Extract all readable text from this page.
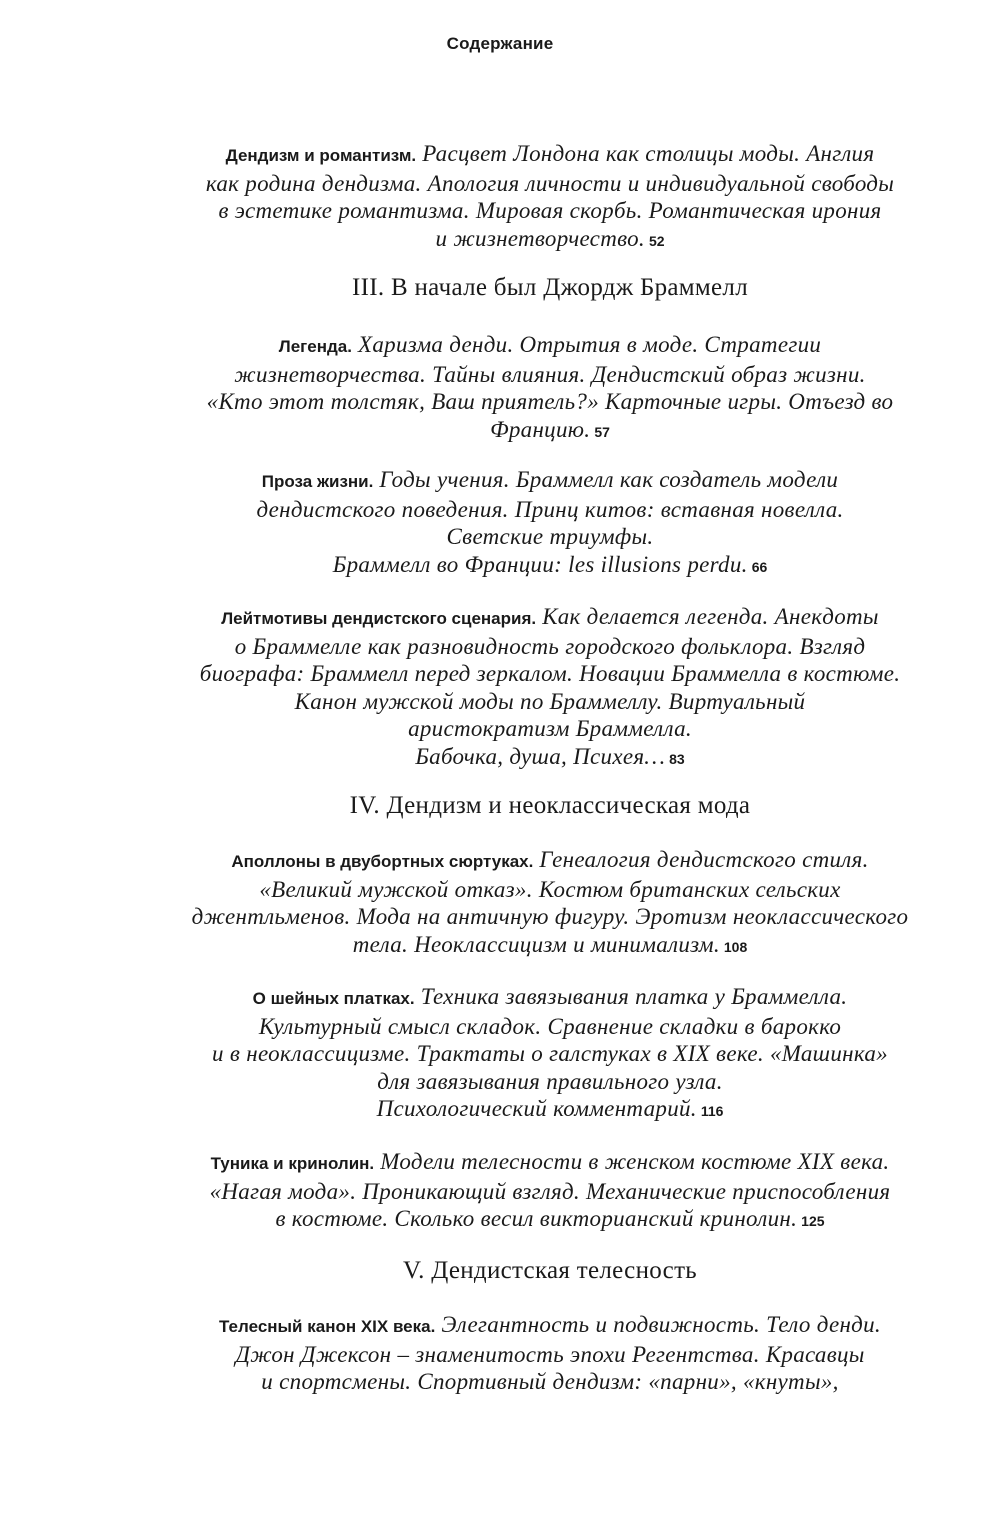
Содержание
Дендизм и романтизм. Расцвет Лондона как столицы моды. Англия
как родина дендизма. Апология личности и индивидуальной свободы
в эстетике романтизма. Мировая скорбь. Романтическая ирония
и жизнетворчество. 52
III. В начале был Джордж Браммелл
Легенда. Харизма денди. Отрытия в моде. Стратегии
жизнетворчества. Тайны влияния. Дендистский образ жизни.
«Кто этот толстяк, Ваш приятель?» Карточные игры. Отъезд во
Францию. 57
Проза жизни. Годы учения. Браммелл как создатель модели
дендистского поведения. Принц китов: вставная новелла.
Светские триумфы.
Браммелл во Франции: les illusions perdu. 66
Лейтмотивы дендистского сценария. Как делается легенда. Анекдоты
о Браммелле как разновидность городского фольклора. Взгляд
биографа: Браммелл перед зеркалом. Новации Браммелла в костюме.
Канон мужской моды по Браммеллу. Виртуальный
аристократизм Браммелла.
Бабочка, душа, Психея… 83
IV. Дендизм и неоклассическая мода
Аполлоны в двубортных сюртуках. Генеалогия дендистского стиля.
«Великий мужской отказ». Костюм британских сельских
джентльменов. Мода на античную фигуру. Эротизм неоклассического
тела. Неоклассицизм и минимализм. 108
О шейных платках. Техника завязывания платка у Браммелла.
Культурный смысл складок. Сравнение складки в барокко
и в неоклассицизме. Трактаты о галстуках в XIX веке. «Машинка»
для завязывания правильного узла.
Психологический комментарий. 116
Туника и кринолин. Модели телесности в женском костюме XIX века.
«Нагая мода». Проникающий взгляд. Механические приспособления
в костюме. Сколько весил викторианский кринолин. 125
V. Дендистская телесность
Телесный канон XIX века. Элегантность и подвижность. Тело денди.
Джон Джексон – знаменитость эпохи Регентства. Красавцы
и спортсмены. Спортивный дендизм: «парни», «кнуты»,
